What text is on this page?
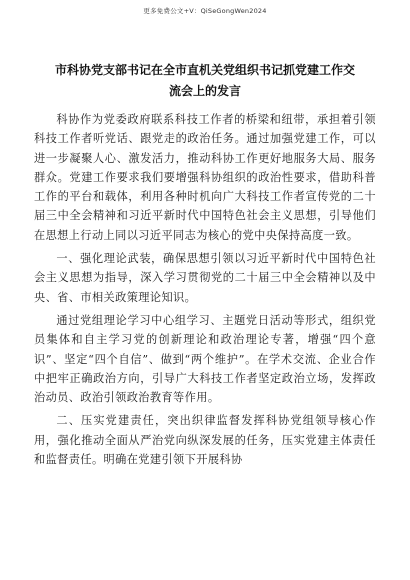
更多免费公文+V：QiSeGongWen2024
市科协党支部书记在全市直机关党组织书记抓党建工作交
流会上的发言

科协作为党委政府联系科技工作者的桥梁和纽带，承担着引领科技工作者听党话、跟党走的政治任务。通过加强党建工作，可以进一步凝聚人心、激发活力，推动科协工作更好地服务大局、服务群众。党建工作要求我们要增强科协组织的政治性要求，借助科普工作的平台和载体，利用各种时机向广大科技工作者宣传党的二十届三中全会精神和习近平新时代中国特色社会主义思想，引导他们在思想上行动上同以习近平同志为核心的党中央保持高度一致。

一、强化理论武装，确保思想引领以习近平新时代中国特色社会主义思想为指导，深入学习贯彻党的二十届三中全会精神以及中央、省、市相关政策理论知识。

通过党组理论学习中心组学习、主题党日活动等形式，组织党员集体和自主学习党的创新理论和政治理论专著，增强“四个意识”、坚定“四个自信”、做到“两个维护”。在学术交流、企业合作中把牢正确政治方向，引导广大科技工作者坚定政治立场，发挥政治动员、政治引领政治教育等作用。

二、压实党建责任，突出织律监督发挥科协党组领导核心作用，强化推动全面从严治党向纵深发展的任务，压实党建主体责任和监督责任。明确在党建引领下开展科协
